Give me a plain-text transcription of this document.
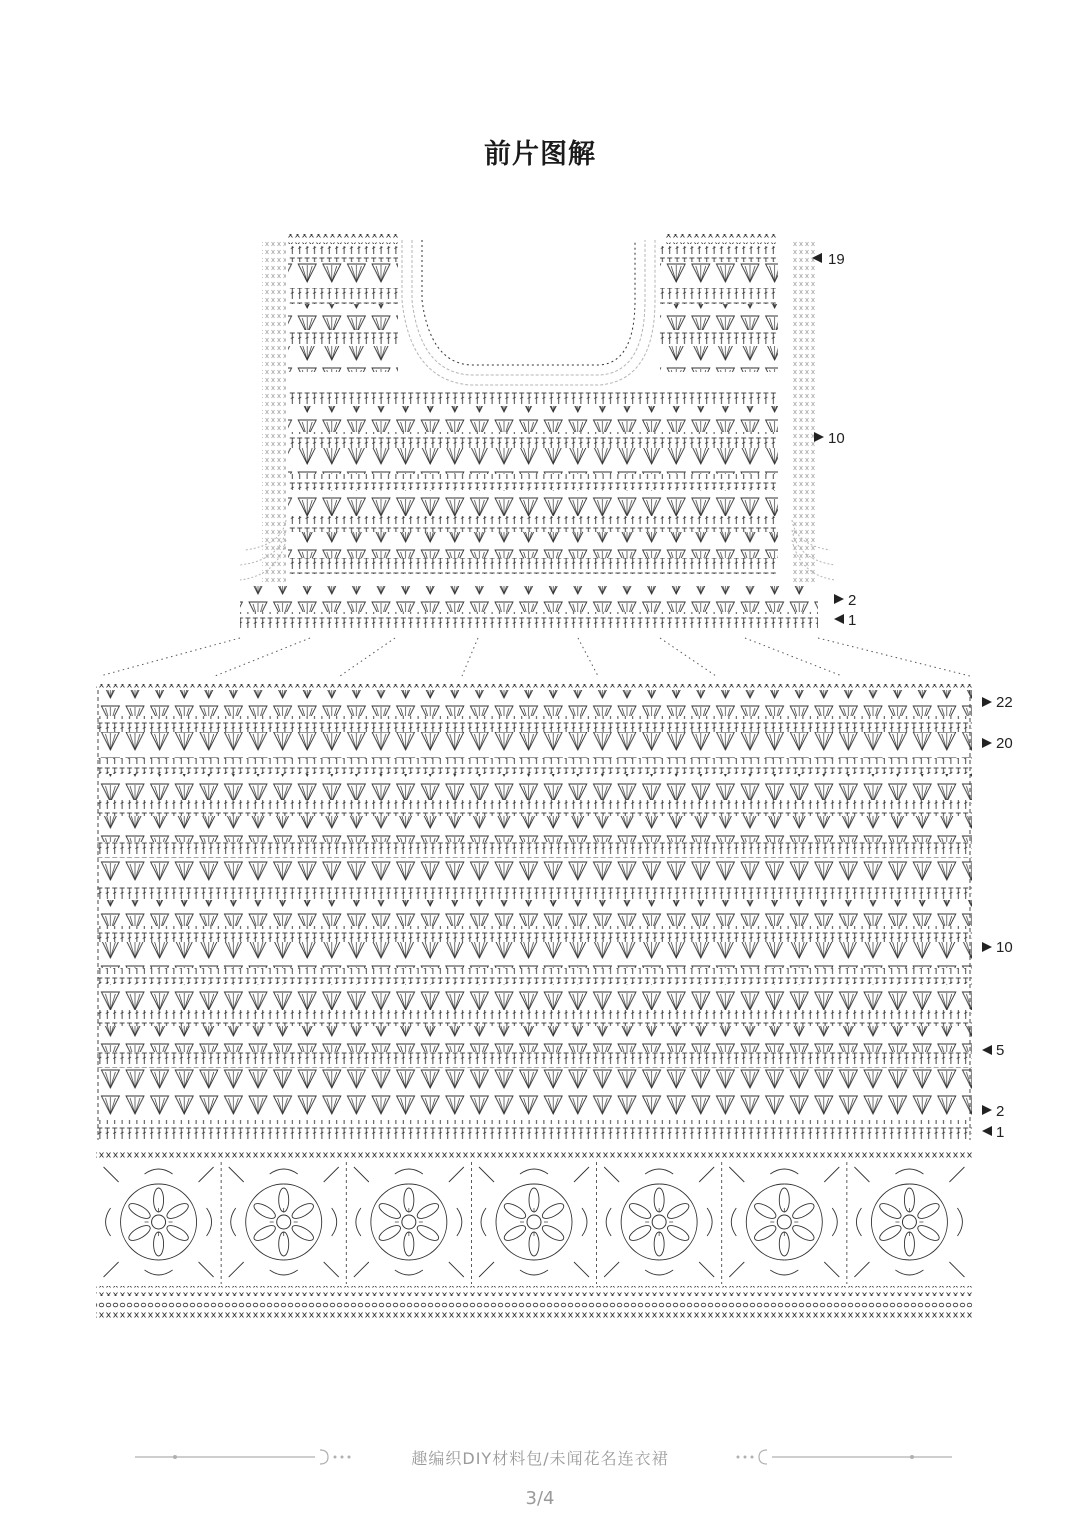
前片图解
19
10
2
1
22
20
10
5
2
1
趣编织DIY材料包/未闻花名连衣裙
3/4
